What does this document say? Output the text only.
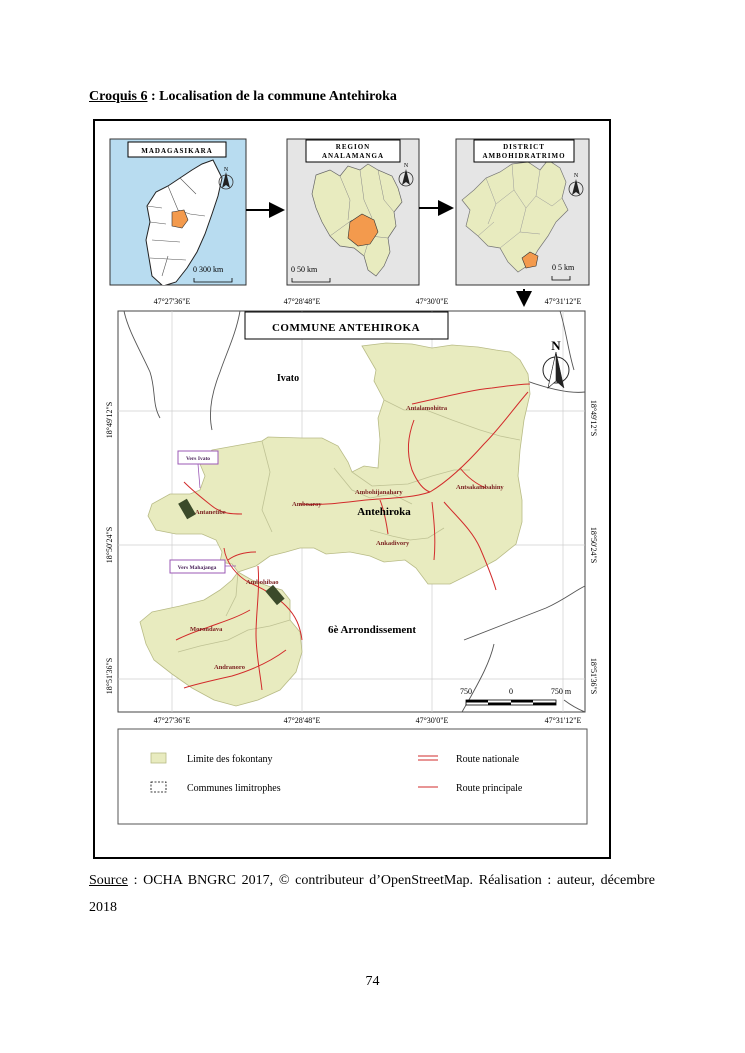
Croquis 6 : Localisation de la commune Antehiroka
MADAGASIKARA
0 300 km
N
REGION
ANALAMANGA
0 50 km
N
DISTRICT
AMBOHIDRATRIMO
0 5 km
N
47°27'36"E	47°28'48"E	47°30'0"E	47°31'12"E
COMMUNE ANTEHIROKA
N
Ivato
Antehiroka
6è Arrondissement
Antalamohitra
Ambohijanahary
Antsakambahiny
Amboaroy
Antanetibe
Ankadivory
Ambohibao
Morondava
Andranoro
Vers Ivato
Vers Mahajanga
750	0	750 m
18°49'12"S
18°50'24"S
18°51'36"S
18°49'12"S
18°50'24"S
18°51'36"S
47°27'36"E	47°28'48"E	47°30'0"E	47°31'12"E
Limite des fokontany
Communes limitrophes
Route nationale
Route principale
Source : OCHA BNGRC 2017, © contributeur d’OpenStreetMap. Réalisation : auteur, décembre 2018
74
